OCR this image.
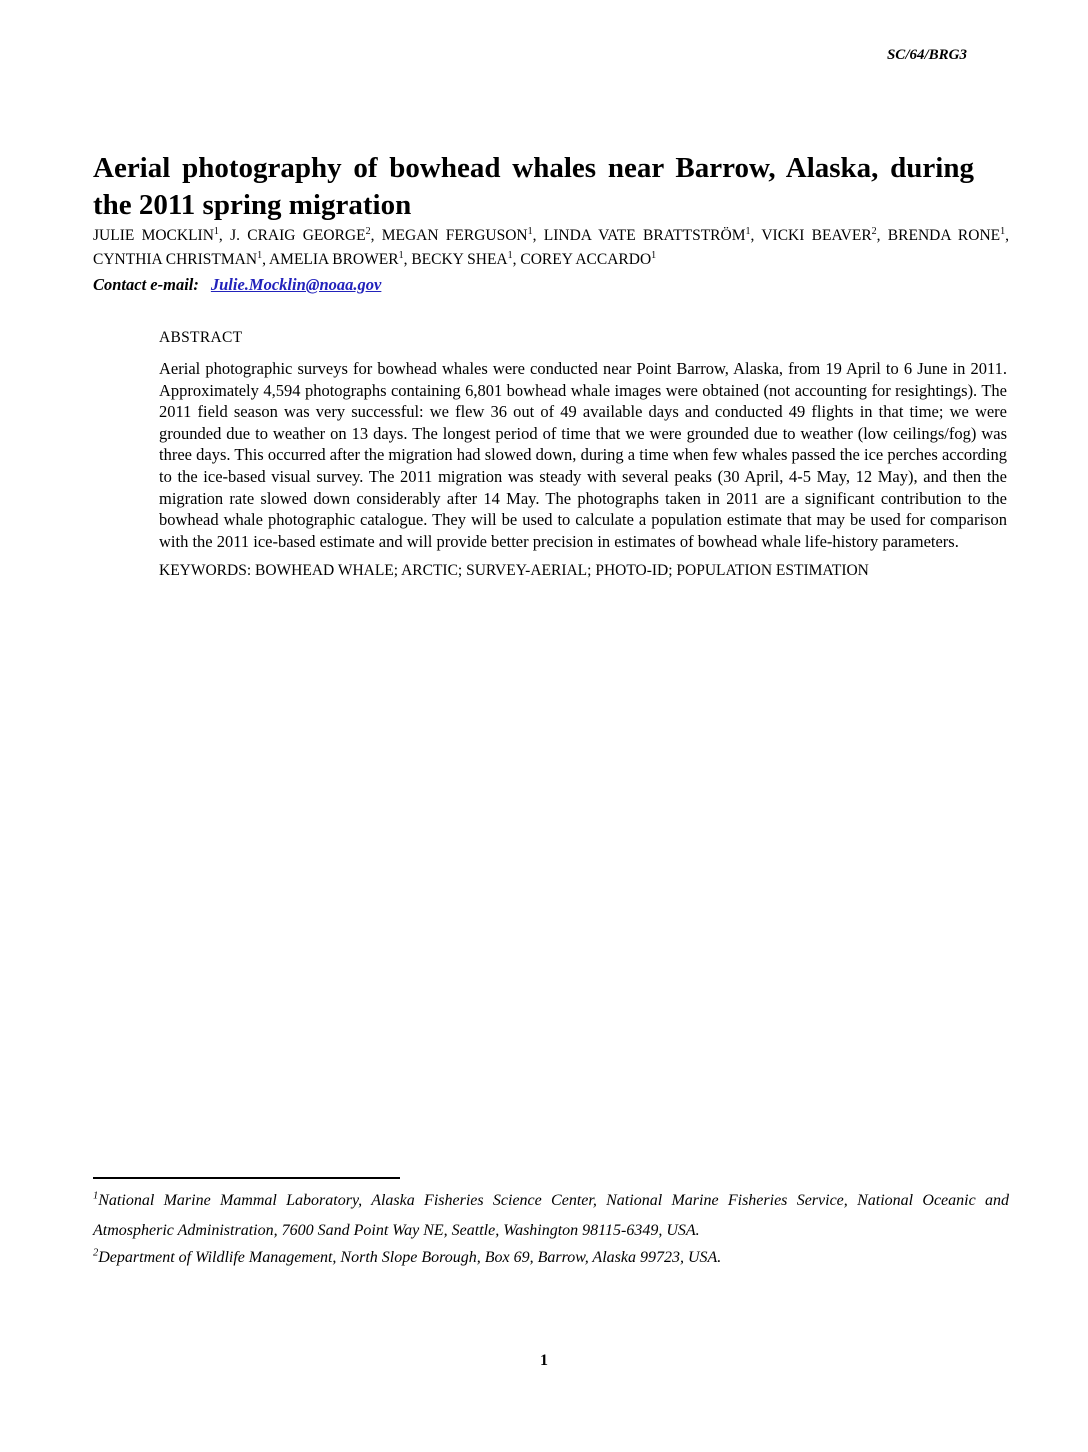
SC/64/BRG3
Aerial photography of bowhead whales near Barrow, Alaska, during the 2011 spring migration
JULIE MOCKLIN$^1$, J. CRAIG GEORGE$^2$, MEGAN FERGUSON$^1$, LINDA VATE BRATTSTRÖM$^1$, VICKI BEAVER$^2$, BRENDA RONE$^1$, CYNTHIA CHRISTMAN$^1$, AMELIA BROWER$^1$, BECKY SHEA$^1$, COREY ACCARDO$^1$
Contact e-mail: Julie.Mocklin@noaa.gov
ABSTRACT
Aerial photographic surveys for bowhead whales were conducted near Point Barrow, Alaska, from 19 April to 6 June in 2011. Approximately 4,594 photographs containing 6,801 bowhead whale images were obtained (not accounting for resightings). The 2011 field season was very successful: we flew 36 out of 49 available days and conducted 49 flights in that time; we were grounded due to weather on 13 days. The longest period of time that we were grounded due to weather (low ceilings/fog) was three days. This occurred after the migration had slowed down, during a time when few whales passed the ice perches according to the ice-based visual survey. The 2011 migration was steady with several peaks (30 April, 4-5 May, 12 May), and then the migration rate slowed down considerably after 14 May. The photographs taken in 2011 are a significant contribution to the bowhead whale photographic catalogue. They will be used to calculate a population estimate that may be used for comparison with the 2011 ice-based estimate and will provide better precision in estimates of bowhead whale life-history parameters.
KEYWORDS: BOWHEAD WHALE; ARCTIC; SURVEY-AERIAL; PHOTO-ID; POPULATION ESTIMATION
$^1$National Marine Mammal Laboratory, Alaska Fisheries Science Center, National Marine Fisheries Service, National Oceanic and Atmospheric Administration, 7600 Sand Point Way NE, Seattle, Washington 98115-6349, USA.
$^2$Department of Wildlife Management, North Slope Borough, Box 69, Barrow, Alaska 99723, USA.
1
